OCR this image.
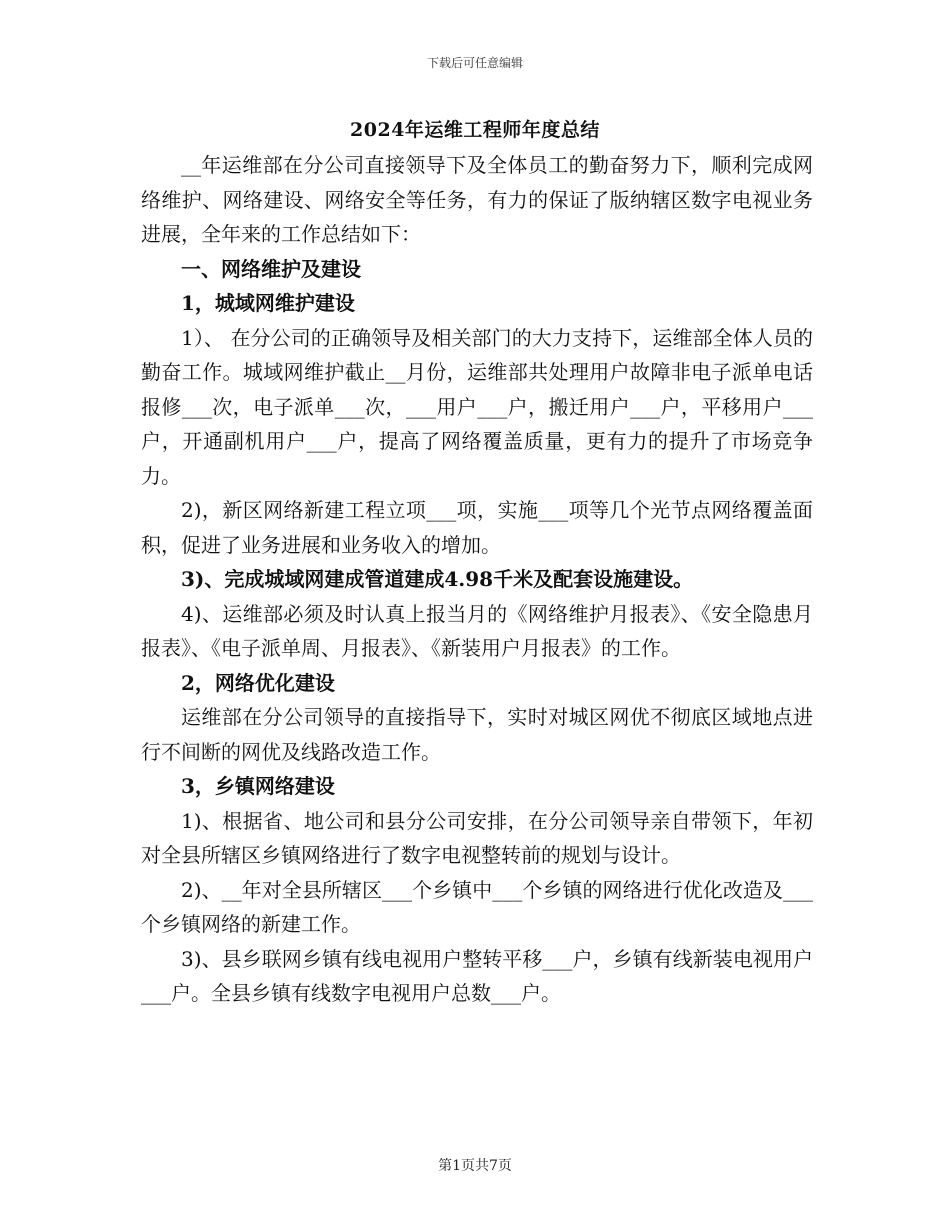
下载后可任意编辑
2024年运维工程师年度总结

__年运维部在分公司直接领导下及全体员工的勤奋努力下，顺利完成网络维护、网络建设、网络安全等任务，有力的保证了版纳辖区数字电视业务进展，全年来的工作总结如下：

一、网络维护及建设

1，城域网维护建设

1）、 在分公司的正确领导及相关部门的大力支持下，运维部全体人员的勤奋工作。城域网维护截止__月份，运维部共处理用户故障非电子派单电话报修___次，电子派单___次，___用户___户，搬迁用户___户，平移用户___户，开通副机用户___户，提高了网络覆盖质量，更有力的提升了市场竞争力。

2)，新区网络新建工程立项___项，实施___项等几个光节点网络覆盖面积，促进了业务进展和业务收入的增加。

3)、完成城域网建成管道建成4.98千米及配套设施建设。

4)、运维部必须及时认真上报当月的《网络维护月报表》、《安全隐患月报表》、《电子派单周、月报表》、《新装用户月报表》的工作。

2，网络优化建设

运维部在分公司领导的直接指导下，实时对城区网优不彻底区域地点进行不间断的网优及线路改造工作。

3，乡镇网络建设

1)、根据省、地公司和县分公司安排，在分公司领导亲自带领下，年初对全县所辖区乡镇网络进行了数字电视整转前的规划与设计。

2)、__年对全县所辖区___个乡镇中___个乡镇的网络进行优化改造及___个乡镇网络的新建工作。

3)、县乡联网乡镇有线电视用户整转平移___户，乡镇有线新装电视用户___户。全县乡镇有线数字电视用户总数___户。

第1页共7页
